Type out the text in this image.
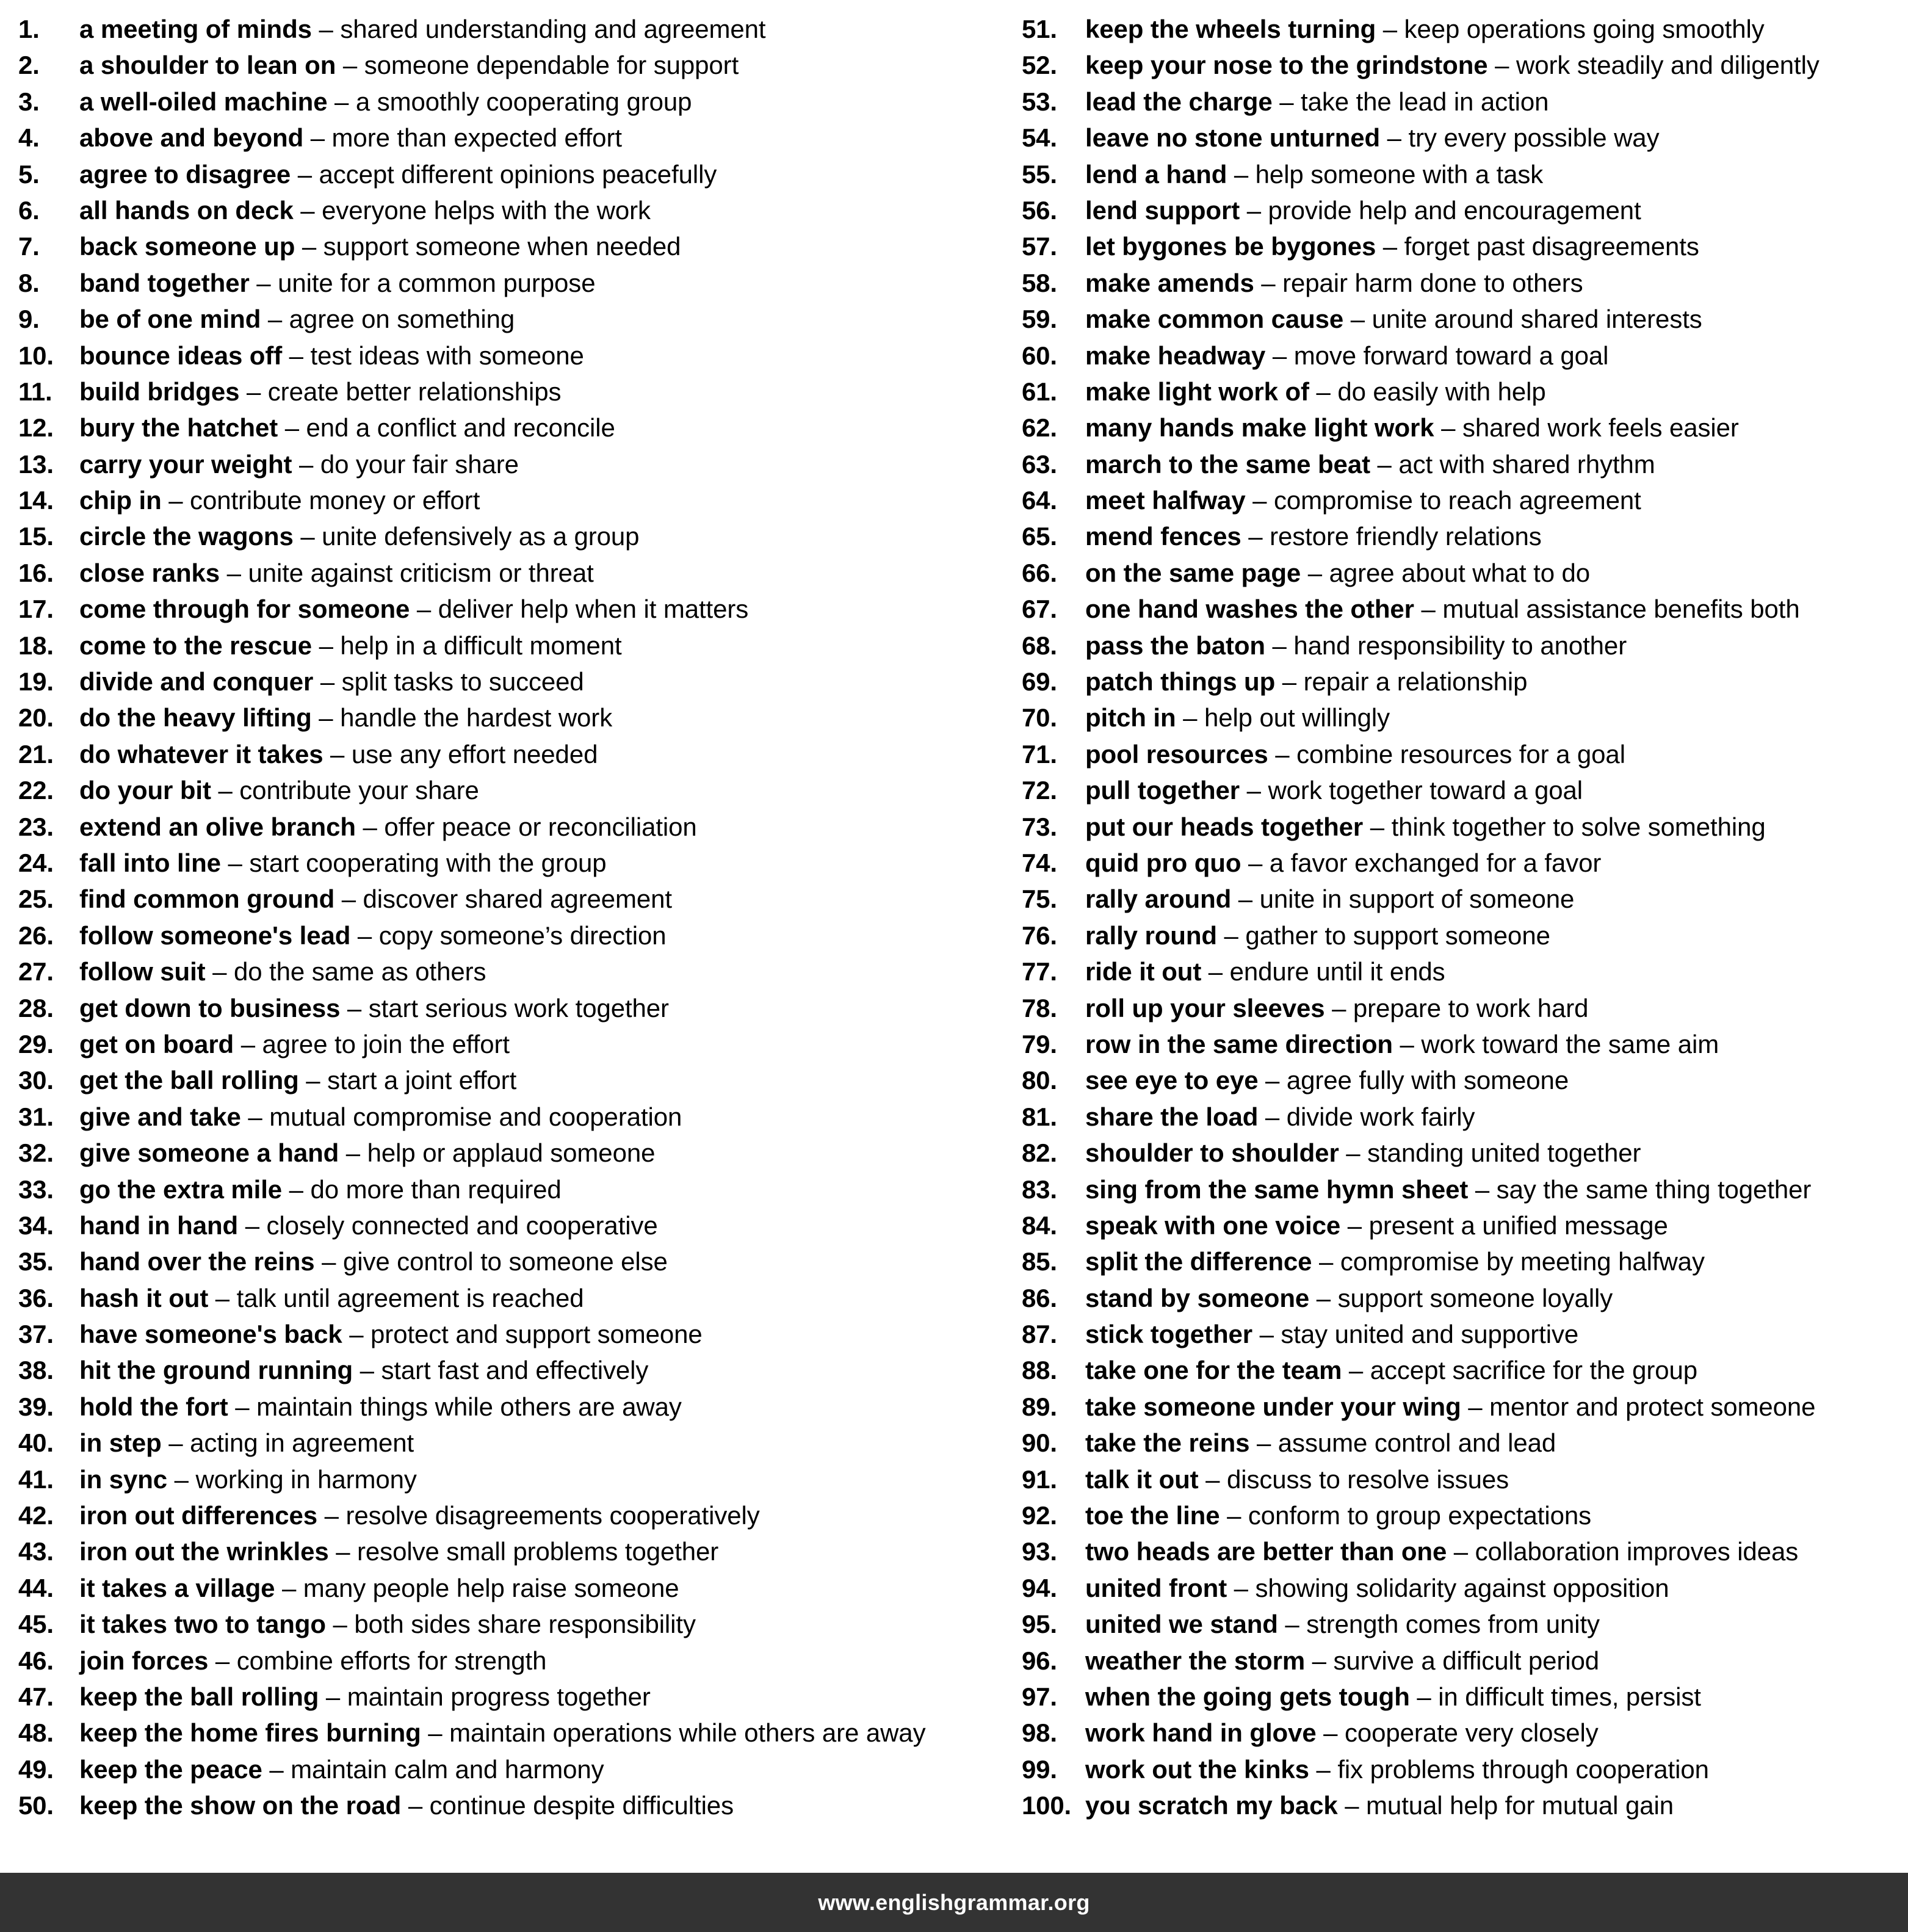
1.	a meeting of minds – shared understanding and agreement
2.	a shoulder to lean on – someone dependable for support
3.	a well-oiled machine – a smoothly cooperating group
4.	above and beyond – more than expected effort
5.	agree to disagree – accept different opinions peacefully
6.	all hands on deck – everyone helps with the work
7.	back someone up – support someone when needed
8.	band together – unite for a common purpose
9.	be of one mind – agree on something
10.	bounce ideas off – test ideas with someone
11.	build bridges – create better relationships
12.	bury the hatchet – end a conflict and reconcile
13.	carry your weight – do your fair share
14.	chip in – contribute money or effort
15.	circle the wagons – unite defensively as a group
16.	close ranks – unite against criticism or threat
17.	come through for someone – deliver help when it matters
18.	come to the rescue – help in a difficult moment
19.	divide and conquer – split tasks to succeed
20.	do the heavy lifting – handle the hardest work
21.	do whatever it takes – use any effort needed
22.	do your bit – contribute your share
23.	extend an olive branch – offer peace or reconciliation
24.	fall into line – start cooperating with the group
25.	find common ground – discover shared agreement
26.	follow someone's lead – copy someone’s direction
27.	follow suit – do the same as others
28.	get down to business – start serious work together
29.	get on board – agree to join the effort
30.	get the ball rolling – start a joint effort
31.	give and take – mutual compromise and cooperation
32.	give someone a hand – help or applaud someone
33.	go the extra mile – do more than required
34.	hand in hand – closely connected and cooperative
35.	hand over the reins – give control to someone else
36.	hash it out – talk until agreement is reached
37.	have someone's back – protect and support someone
38.	hit the ground running – start fast and effectively
39.	hold the fort – maintain things while others are away
40.	in step – acting in agreement
41.	in sync – working in harmony
42.	iron out differences – resolve disagreements cooperatively
43.	iron out the wrinkles – resolve small problems together
44.	it takes a village – many people help raise someone
45.	it takes two to tango – both sides share responsibility
46.	join forces – combine efforts for strength
47.	keep the ball rolling – maintain progress together
48.	keep the home fires burning – maintain operations while others are away
49.	keep the peace – maintain calm and harmony
50.	keep the show on the road – continue despite difficulties
51.	keep the wheels turning – keep operations going smoothly
52.	keep your nose to the grindstone – work steadily and diligently
53.	lead the charge – take the lead in action
54.	leave no stone unturned – try every possible way
55.	lend a hand – help someone with a task
56.	lend support – provide help and encouragement
57.	let bygones be bygones – forget past disagreements
58.	make amends – repair harm done to others
59.	make common cause – unite around shared interests
60.	make headway – move forward toward a goal
61.	make light work of – do easily with help
62.	many hands make light work – shared work feels easier
63.	march to the same beat – act with shared rhythm
64.	meet halfway – compromise to reach agreement
65.	mend fences – restore friendly relations
66.	on the same page – agree about what to do
67.	one hand washes the other – mutual assistance benefits both
68.	pass the baton – hand responsibility to another
69.	patch things up – repair a relationship
70.	pitch in – help out willingly
71.	pool resources – combine resources for a goal
72.	pull together – work together toward a goal
73.	put our heads together – think together to solve something
74.	quid pro quo – a favor exchanged for a favor
75.	rally around – unite in support of someone
76.	rally round – gather to support someone
77.	ride it out – endure until it ends
78.	roll up your sleeves – prepare to work hard
79.	row in the same direction – work toward the same aim
80.	see eye to eye – agree fully with someone
81.	share the load – divide work fairly
82.	shoulder to shoulder – standing united together
83.	sing from the same hymn sheet – say the same thing together
84.	speak with one voice – present a unified message
85.	split the difference – compromise by meeting halfway
86.	stand by someone – support someone loyally
87.	stick together – stay united and supportive
88.	take one for the team – accept sacrifice for the group
89.	take someone under your wing – mentor and protect someone
90.	take the reins – assume control and lead
91.	talk it out – discuss to resolve issues
92.	toe the line – conform to group expectations
93.	two heads are better than one – collaboration improves ideas
94.	united front – showing solidarity against opposition
95.	united we stand – strength comes from unity
96.	weather the storm – survive a difficult period
97.	when the going gets tough – in difficult times, persist
98.	work hand in glove – cooperate very closely
99.	work out the kinks – fix problems through cooperation
100. you scratch my back – mutual help for mutual gain
www.englishgrammar.org
